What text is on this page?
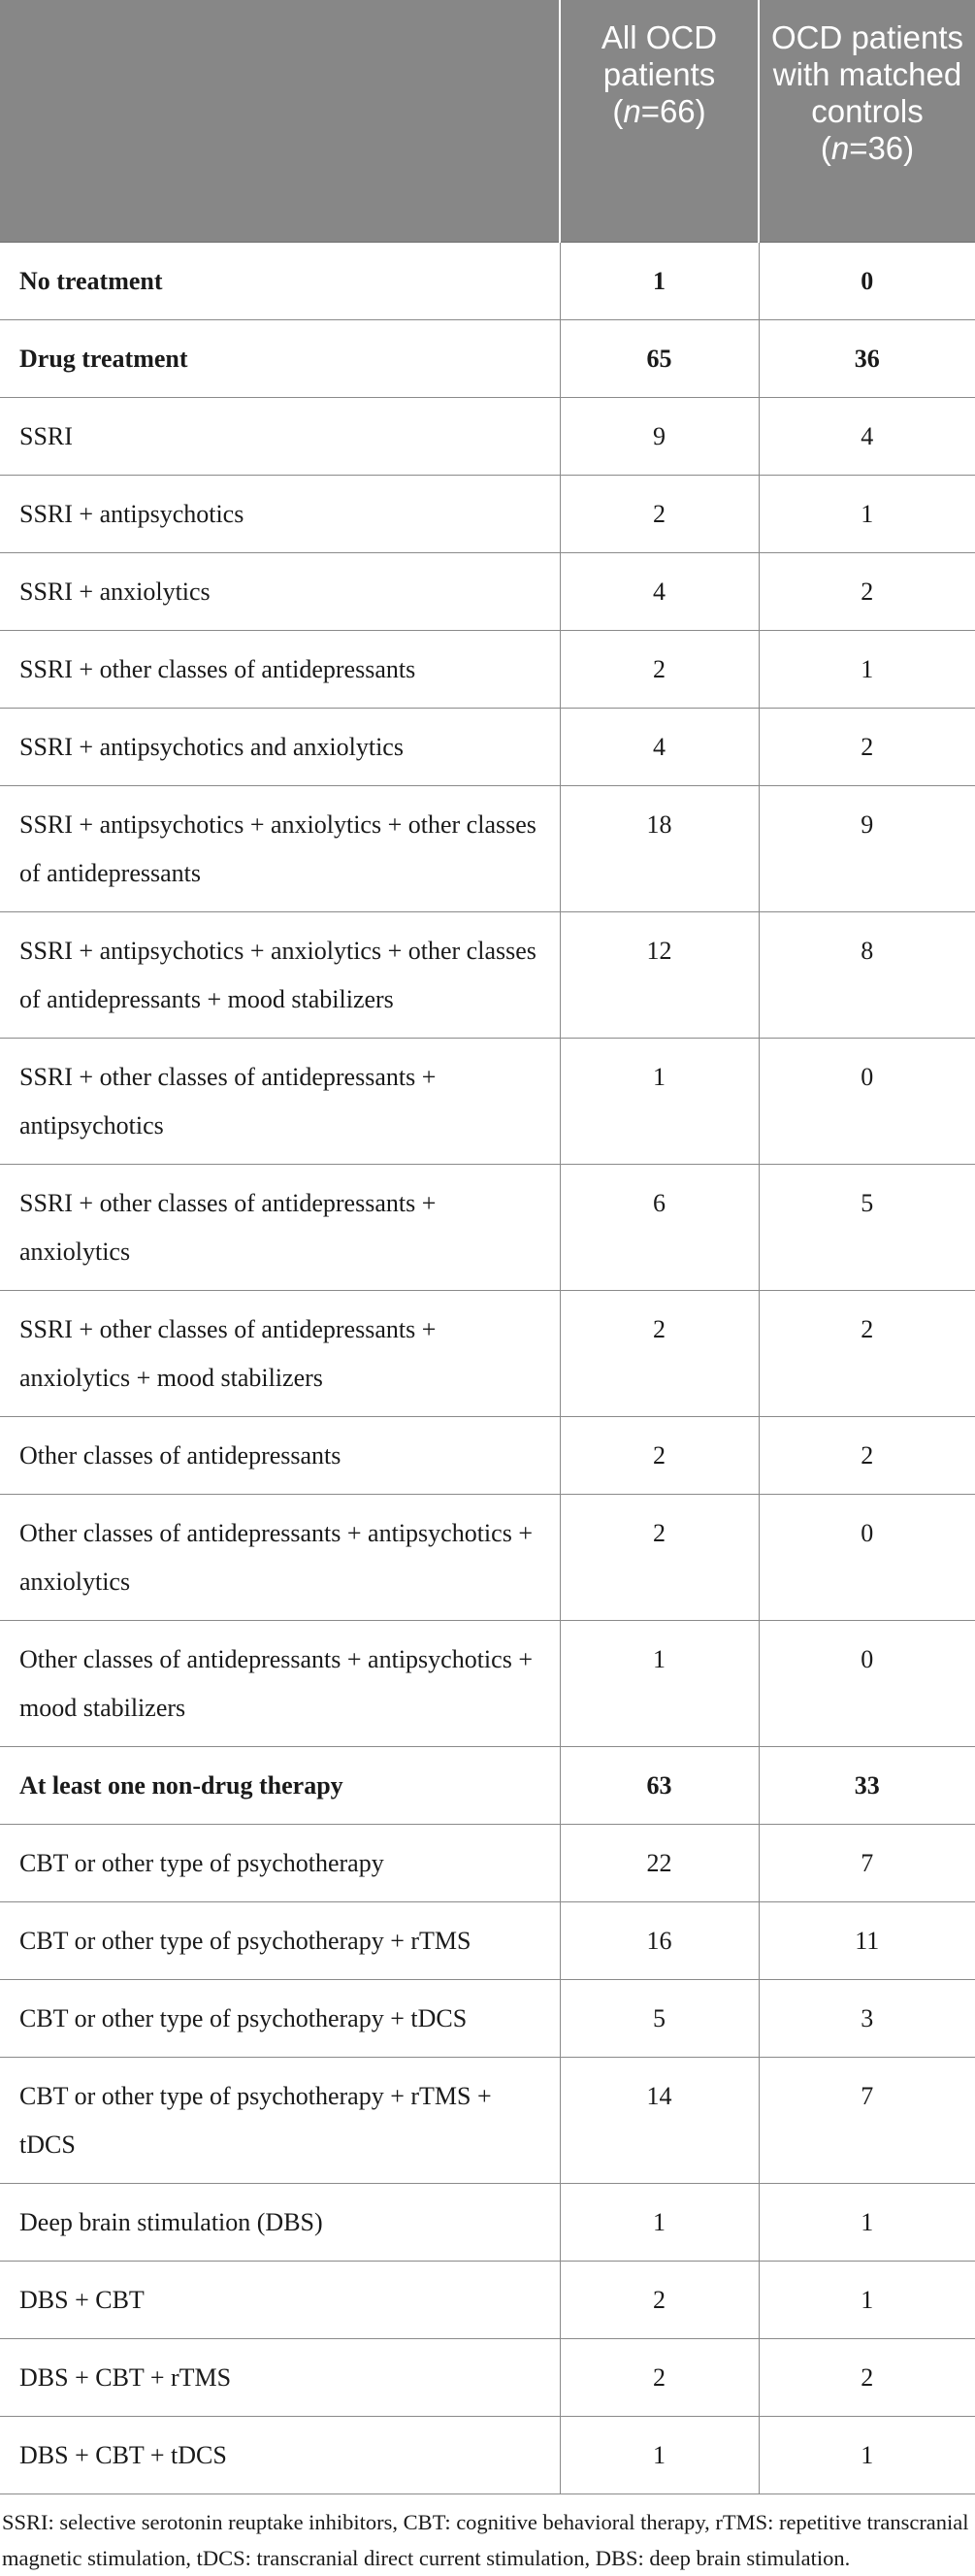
	All OCD patients (n=66)	OCD patients with matched controls (n=36)
No treatment	1	0
Drug treatment	65	36
SSRI	9	4
SSRI + antipsychotics	2	1
SSRI + anxiolytics	4	2
SSRI + other classes of antidepressants	2	1
SSRI + antipsychotics and anxiolytics	4	2
SSRI + antipsychotics + anxiolytics + other classes of antidepressants	18	9
SSRI + antipsychotics + anxiolytics + other classes of antidepressants + mood stabilizers	12	8
SSRI + other classes of antidepressants + antipsychotics	1	0
SSRI + other classes of antidepressants + anxiolytics	6	5
SSRI + other classes of antidepressants + anxiolytics + mood stabilizers	2	2
Other classes of antidepressants	2	2
Other classes of antidepressants + antipsychotics + anxiolytics	2	0
Other classes of antidepressants + antipsychotics + mood stabilizers	1	0
At least one non-drug therapy	63	33
CBT or other type of psychotherapy	22	7
CBT or other type of psychotherapy + rTMS	16	11
CBT or other type of psychotherapy + tDCS	5	3
CBT or other type of psychotherapy + rTMS + tDCS	14	7
Deep brain stimulation (DBS)	1	1
DBS + CBT	2	1
DBS + CBT + rTMS	2	2
DBS + CBT + tDCS	1	1

SSRI: selective serotonin reuptake inhibitors, CBT: cognitive behavioral therapy, rTMS: repetitive transcranial magnetic stimulation, tDCS: transcranial direct current stimulation, DBS: deep brain stimulation.
